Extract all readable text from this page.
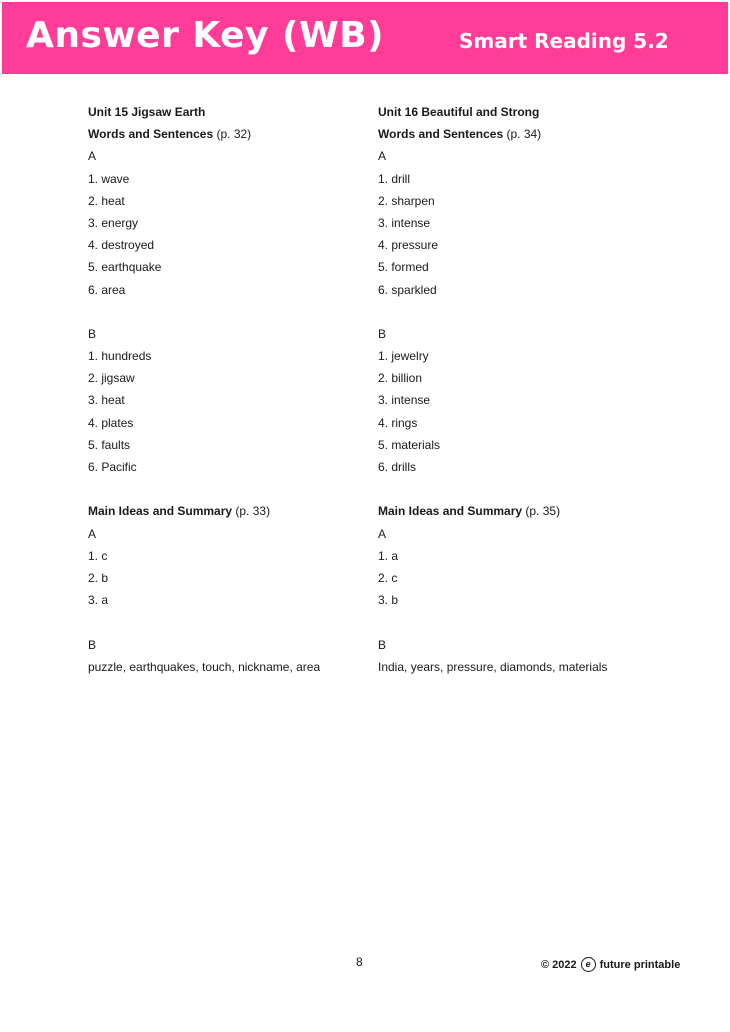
Answer Key (WB)	Smart Reading 5.2
Unit 15 Jigsaw Earth
Words and Sentences (p. 32)
A
1. wave
2. heat
3. energy
4. destroyed
5. earthquake
6. area
B
1. hundreds
2. jigsaw
3. heat
4. plates
5. faults
6. Pacific
Main Ideas and Summary (p. 33)
A
1. c
2. b
3. a
B
puzzle, earthquakes, touch, nickname, area
Unit 16 Beautiful and Strong
Words and Sentences (p. 34)
A
1. drill
2. sharpen
3. intense
4. pressure
5. formed
6. sparkled
B
1. jewelry
2. billion
3. intense
4. rings
5. materials
6. drills
Main Ideas and Summary (p. 35)
A
1. a
2. c
3. b
B
India, years, pressure, diamonds, materials
8	© 2022 e future printable
